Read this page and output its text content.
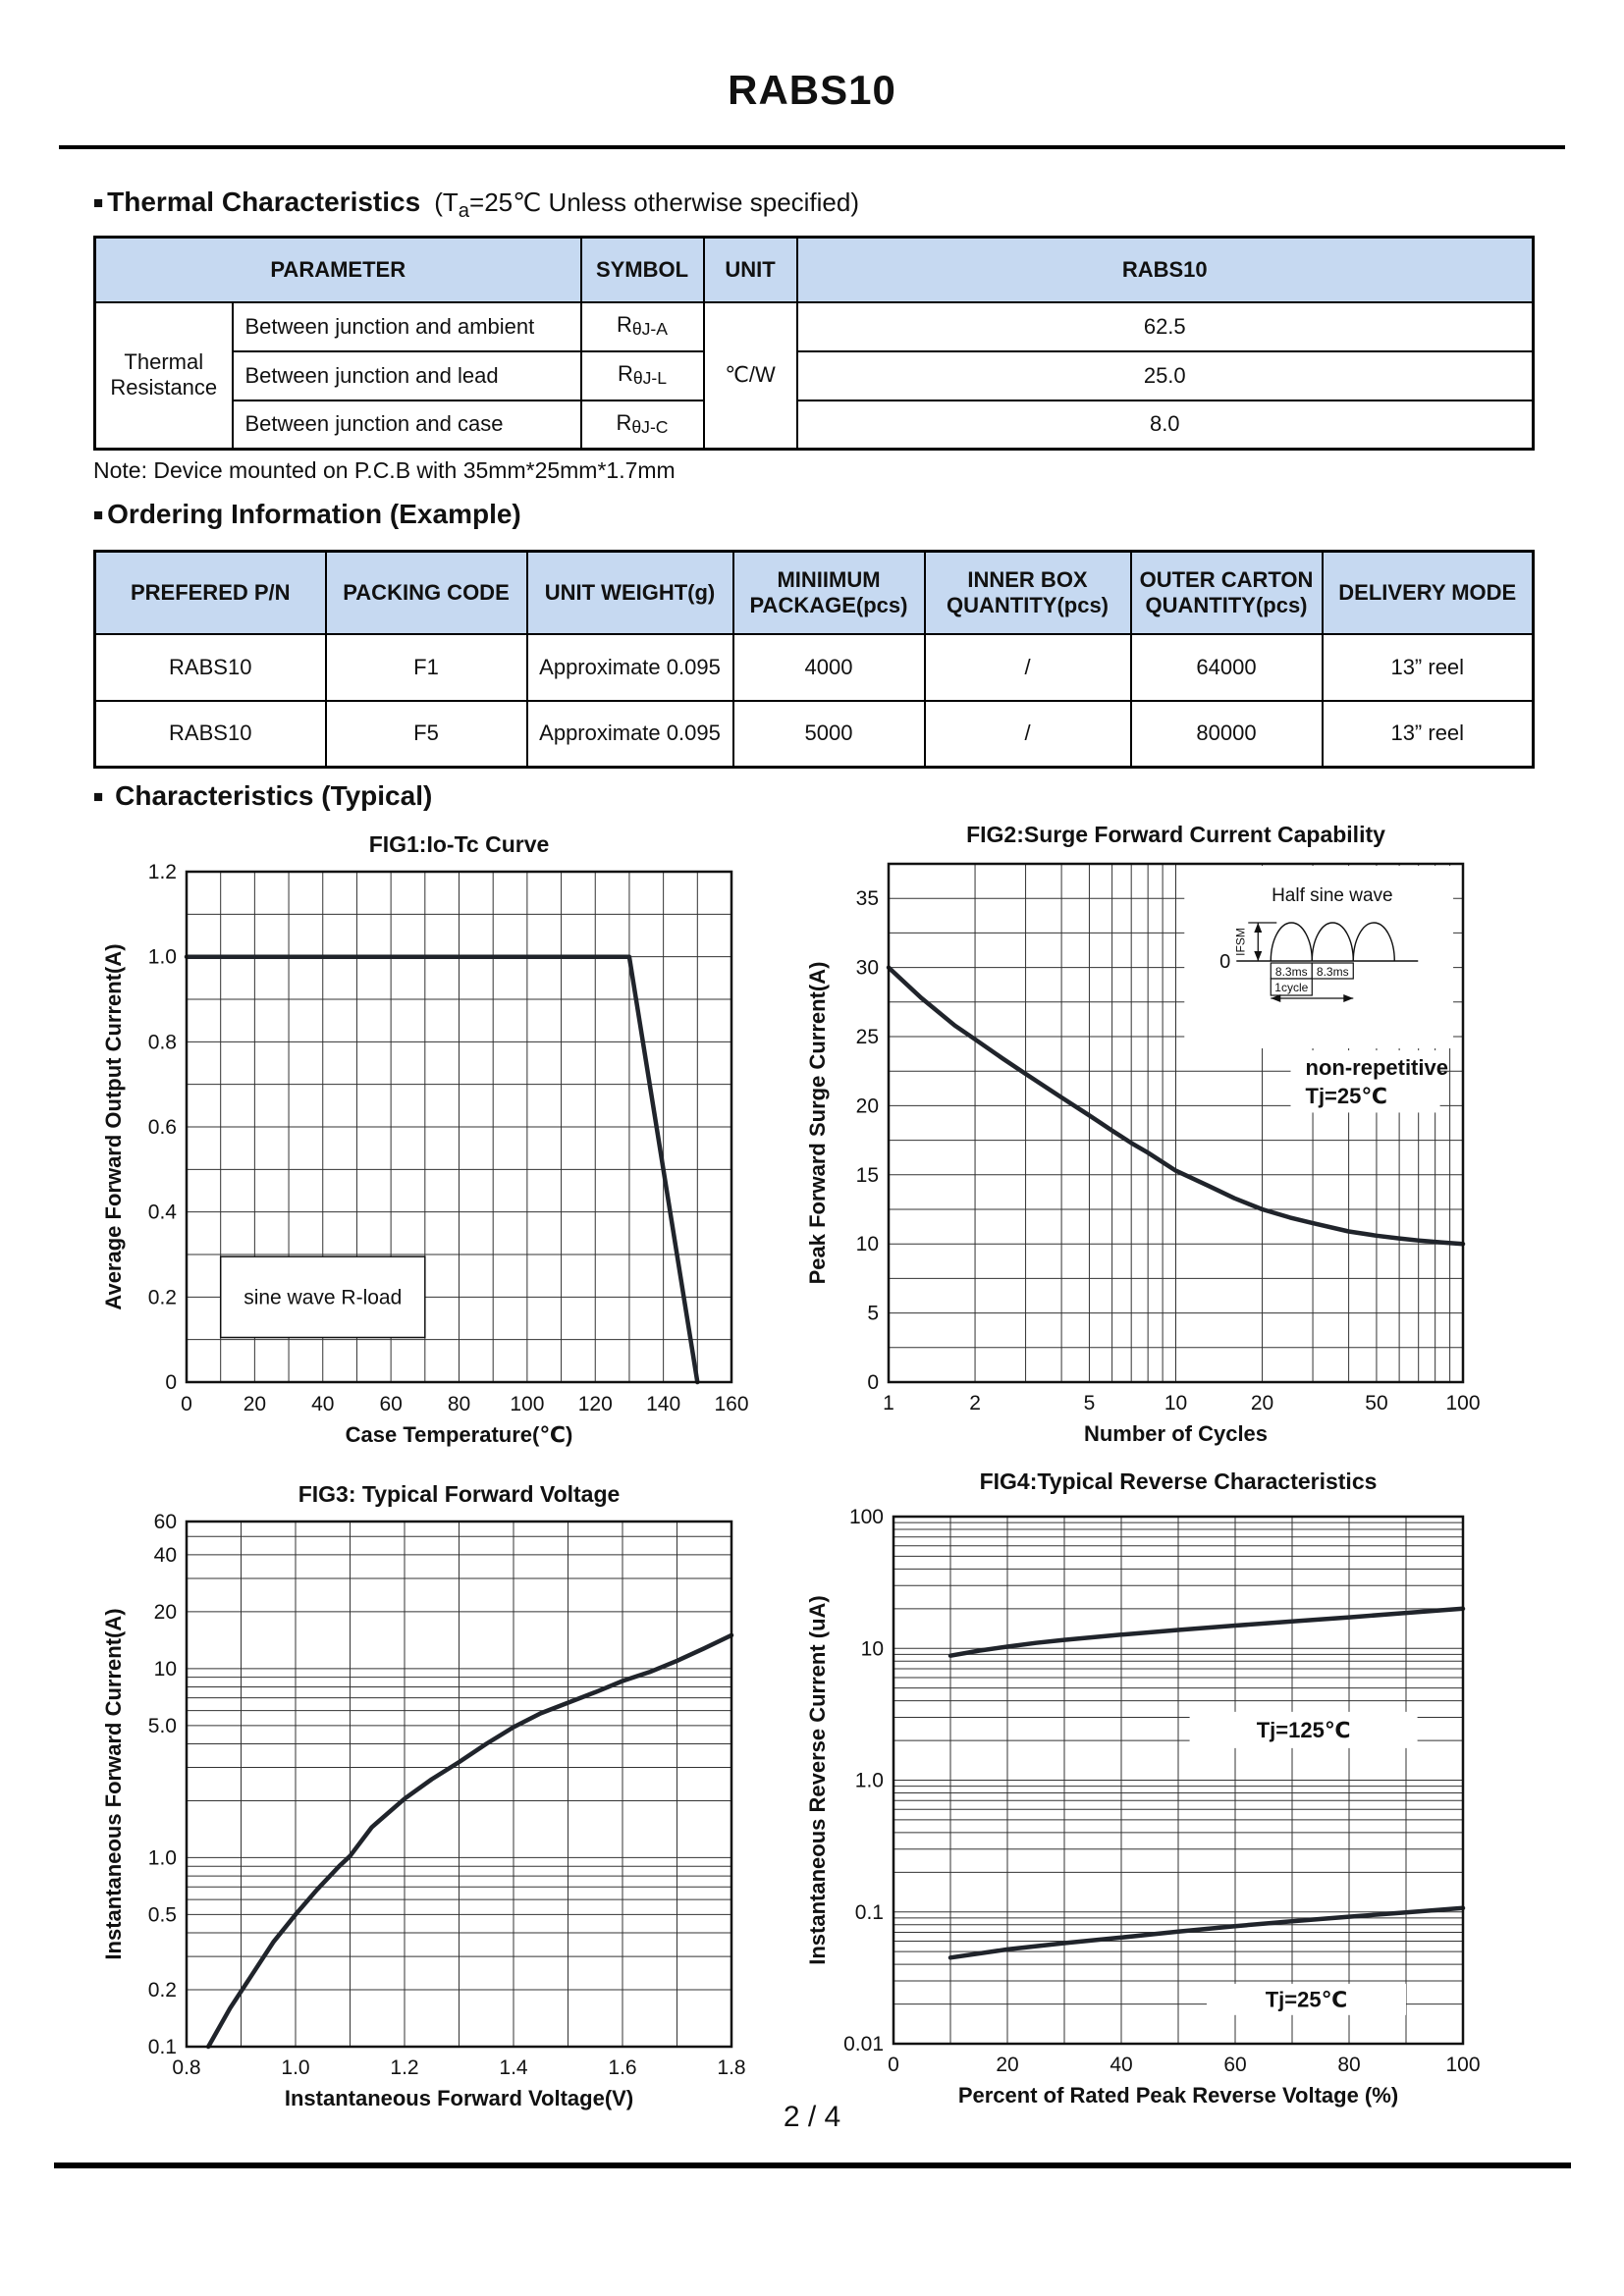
RABS10
■ Thermal Characteristics ($T_a=25℃$ Unless otherwise specified)
PARAMETER		SYMBOL	UNIT	RABS10
Thermal Resistance	Between junction and ambient	$R_{\theta J-A}$	℃/W	62.5
	Between junction and lead	$R_{\theta J-L}$		25.0
	Between junction and case	$R_{\theta J-C}$		8.0
Note: Device mounted on P.C.B with 35mm*25mm*1.7mm
■ Ordering Information (Example)
PREFERED P/N	PACKING CODE	UNIT WEIGHT(g)	MINIIMUM PACKAGE(pcs)	INNER BOX QUANTITY(pcs)	OUTER CARTON QUANTITY(pcs)	DELIVERY MODE
RABS10	F1	Approximate 0.095	4000	/	64000	13” reel
RABS10	F5	Approximate 0.095	5000	/	80000	13” reel
■ Characteristics (Typical)
sine wave R-load
0 20 40 60 80 100 120 140 160
0
0.2
0.4
0.6
0.8
1.0
1.2
Case Temperature(℃)
Average Forward Output Current(A)
FIG1:Io-Tc Curve
non-repetitive
Tj=25℃
Half sine wave
0
IFSM
8.3ms 8.3ms
1cycle
1	2	5	10	20	50	100
0
5
10
15
20
25
30
35
Number of Cycles
Peak Forward Surge Current(A)
FIG2:Surge Forward Current Capability
0.8	1.0	1.2	1.4	1.6	1.8
60
40
20
10
5.0
1.0
0.5
0.2
0.1
Instantaneous Forward Voltage(V)
Instantaneous Forward Current(A)
FIG3: Typical Forward Voltage
Tj=125℃
Tj=25℃
0	20	40	60	80	100
100
10
1.0
0.1
0.01
Percent of Rated Peak Reverse Voltage (%)
Instantaneous Reverse Current (uA)
FIG4:Typical Reverse Characteristics
2 / 4
